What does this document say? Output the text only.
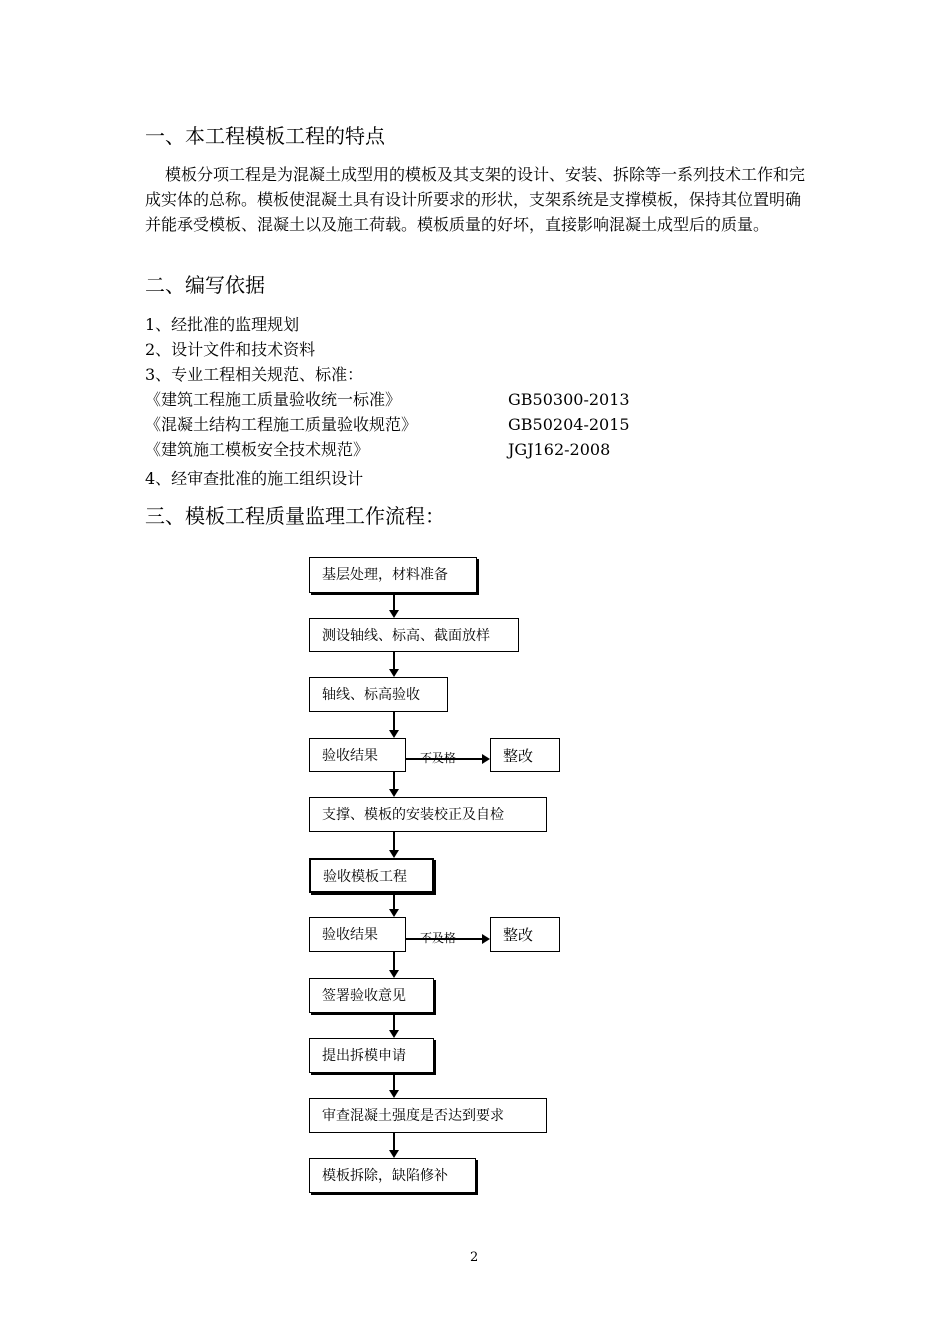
一、本工程模板工程的特点
模板分项工程是为混凝土成型用的模板及其支架的设计、安装、拆除等一系列技术工作和完成实体的总称。模板使混凝土具有设计所要求的形状，支架系统是支撑模板，保持其位置明确并能承受模板、混凝土以及施工荷载。模板质量的好坏，直接影响混凝土成型后的质量。
二、编写依据
1、经批准的监理规划
2、设计文件和技术资料
3、专业工程相关规范、标准：
《建筑工程施工质量验收统一标准》	GB50300-2013
《混凝土结构工程施工质量验收规范》	GB50204-2015
《建筑施工模板安全技术规范》	JGJ162-2008
4、经审查批准的施工组织设计
三、模板工程质量监理工作流程：
基层处理，材料准备
测设轴线、标高、截面放样
轴线、标高验收
验收结果	不及格	整改
支撑、模板的安装校正及自检
验收模板工程
验收结果	不及格	整改
签署验收意见
提出拆模申请
审查混凝土强度是否达到要求
模板拆除，缺陷修补
2
